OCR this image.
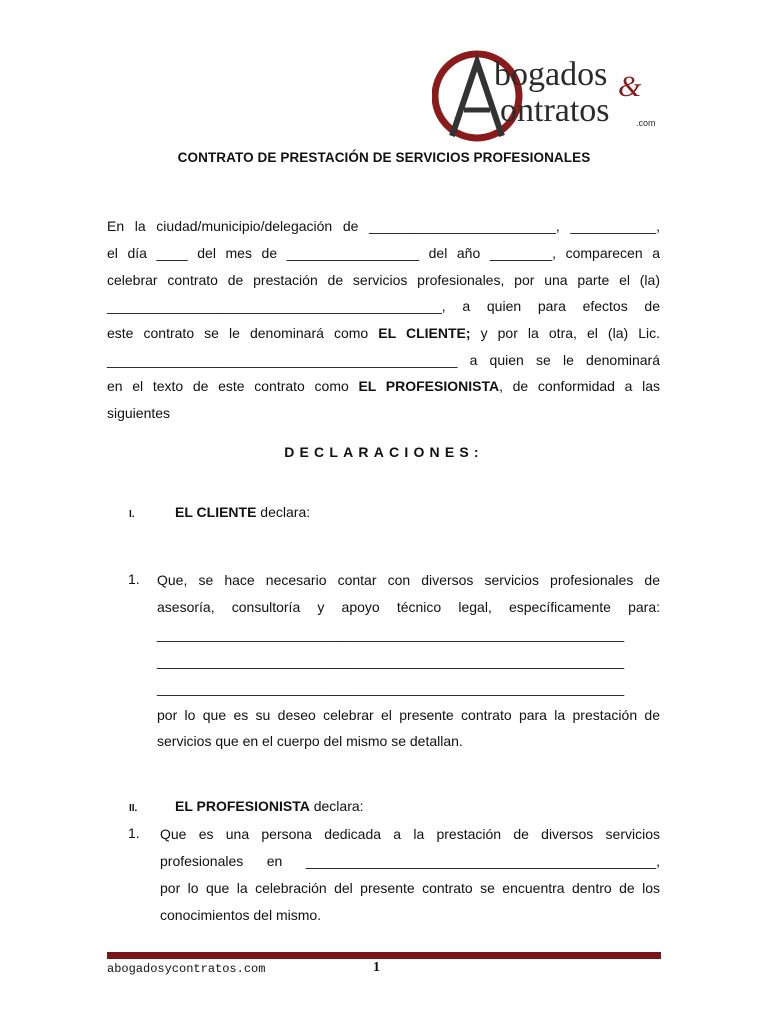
bogados &
ontratos	.com
CONTRATO DE PRESTACIÓN DE SERVICIOS PROFESIONALES
En la ciudad/municipio/delegación de ________________________, ___________,
el día ____ del mes de _________________ del año ________, comparecen a
celebrar contrato de prestación de servicios profesionales, por una parte el (la)
___________________________________________, a quien para efectos de
este contrato se le denominará como EL CLIENTE; y por la otra, el (la) Lic.
_____________________________________________ a quien se le denominará
en el texto de este contrato como EL PROFESIONISTA, de conformidad a las
siguientes
DECLARACIONES:
I.	EL CLIENTE declara:
1. Que, se hace necesario contar con diversos servicios profesionales de
asesoría, consultoría y apoyo técnico legal, específicamente para:
____________________________________________________________
____________________________________________________________
____________________________________________________________
por lo que es su deseo celebrar el presente contrato para la prestación de
servicios que en el cuerpo del mismo se detallan.
II.	EL PROFESIONISTA declara:
1. Que es una persona dedicada a la prestación de diversos servicios
profesionales en _____________________________________________,
por lo que la celebración del presente contrato se encuentra dentro de los
conocimientos del mismo.
abogadosycontratos.com	1
